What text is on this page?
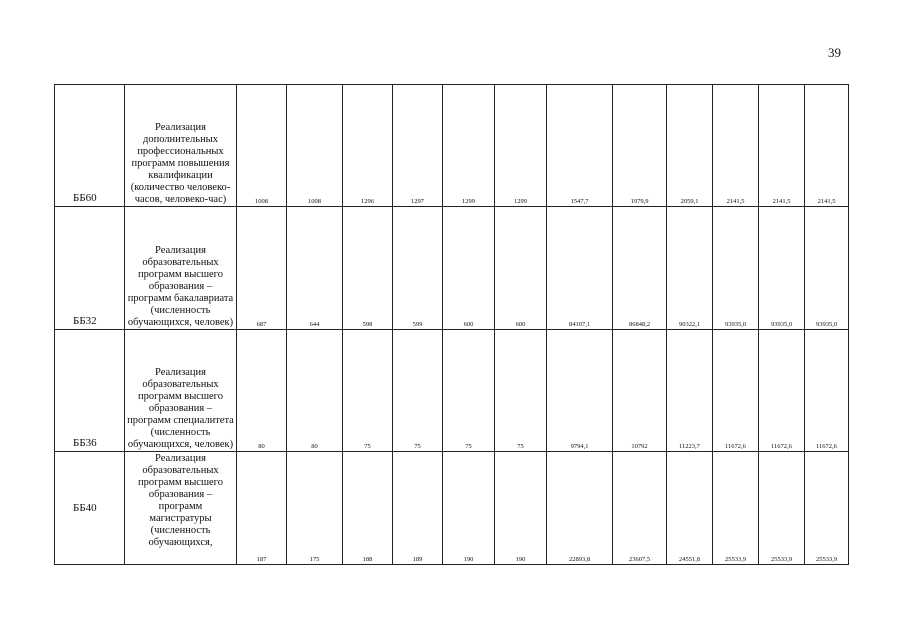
39
ББ60	Реализация дополнительных профессиональных программ повышения квалификации (количество человеко-часов, человеко-час)	1008	1008	1296	1297	1299	1299	1547,7	1979,9	2059,1	2141,5	2141,5	2141,5
ББ32	Реализация образовательных программ высшего образования – программ бакалавриата (численность обучающихся, человек)	687	644	598	599	600	600	84107,1	86848,2	90322,1	93935,0	93935,0	93935,0
ББ36	Реализация образовательных программ высшего образования – программ специалитета (численность обучающихся, человек)	80	80	75	75	75	75	9794,1	10792	11223,7	11672,6	11672,6	11672,6
ББ40	Реализация образовательных программ высшего образования – программ магистратуры (численность обучающихся,	187	175	188	189	190	190	22893,8	23607,5	24551,8	25533,9	25533,9	25533,9
